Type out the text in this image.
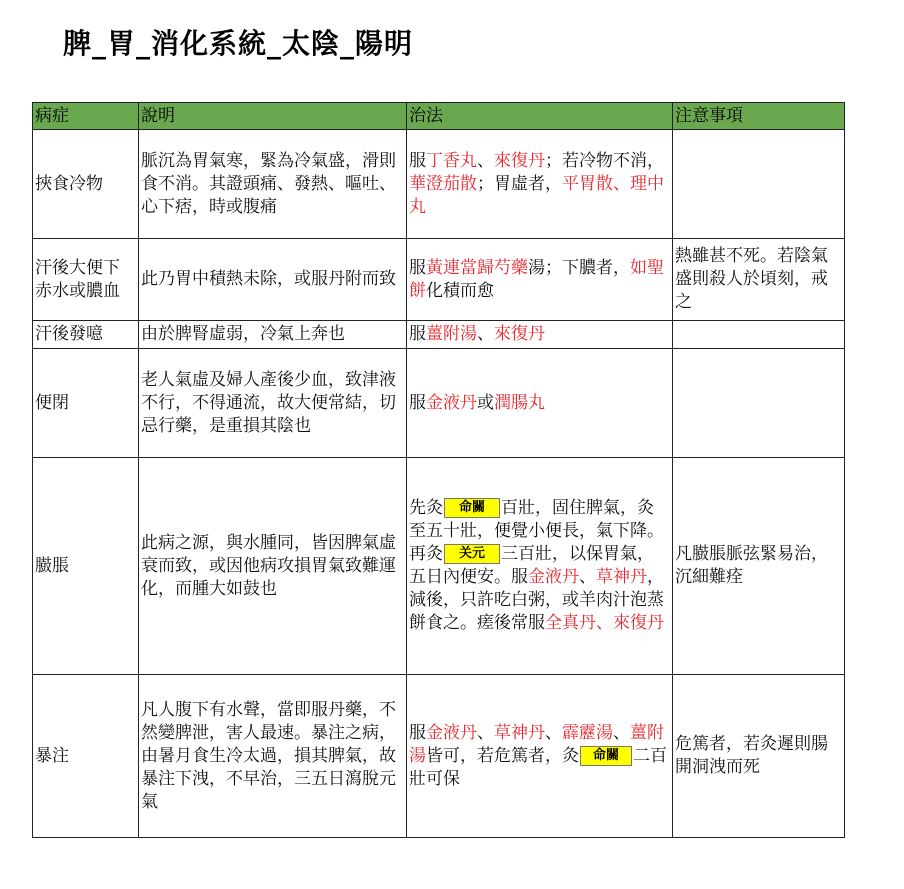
脾_胃_消化系統_太陰_陽明
病症	說明	治法	注意事項
挾食冷物	脈沉為胃氣寒，緊為冷氣盛，滑則食不消。其證頭痛、發熱、嘔吐、心下痞，時或腹痛	服丁香丸、來復丹；若冷物不消，華澄茄散；胃虛者，平胃散、理中丸	
汗後大便下赤水或膿血	此乃胃中積熱未除，或服丹附而致	服黃連當歸芍藥湯；下膿者，如聖餅化積而愈	熱雖甚不死。若陰氣盛則殺人於頃刻，戒之
汗後發噫	由於脾腎虛弱，冷氣上奔也	服薑附湯、來復丹	
便閉	老人氣虛及婦人產後少血，致津液不行，不得通流，故大便常結，切忌行藥，是重損其陰也	服金液丹或潤腸丸	
臌脹	此病之源，與水腫同，皆因脾氣虛衰而致，或因他病攻損胃氣致難運化，而腫大如鼓也	先灸 命關 百壯，固住脾氣，灸至五十壯，便覺小便長，氣下降。再灸 关元 三百壯，以保胃氣，五日內便安。服金液丹、草神丹，減後，只許吃白粥，或羊肉汁泡蒸餅食之。瘥後常服全真丹、來復丹	凡臌脹脈弦緊易治，沉細難痊
暴注	凡人腹下有水聲，當即服丹藥，不然變脾泄，害人最速。暴注之病，由暑月食生冷太過，損其脾氣，故暴注下洩，不早治，三五日瀉脫元氣	服金液丹、草神丹、霹靂湯、薑附湯皆可，若危篤者，灸 命關 二百壯可保	危篤者，若灸遲則腸開洞洩而死
